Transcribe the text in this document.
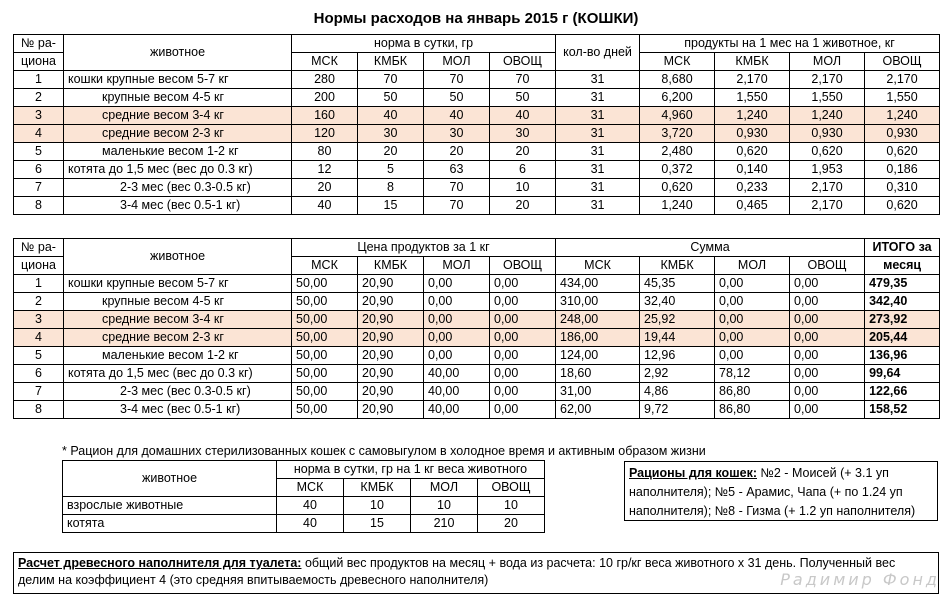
Нормы расходов на январь 2015 г (КОШКИ)
№ ра-	животное	норма в сутки, гр				кол-во дней	продукты на 1 мес на 1 животное, кг			
циона		МСК	КМБК	МОЛ	ОВОЩ		МСК	КМБК	МОЛ	ОВОЩ
1	кошки крупные весом 5-7 кг	280	70	70	70	31	8,680	2,170	2,170	2,170
2	крупные весом 4-5 кг	200	50	50	50	31	6,200	1,550	1,550	1,550
3	средние весом 3-4 кг	160	40	40	40	31	4,960	1,240	1,240	1,240
4	средние весом 2-3 кг	120	30	30	30	31	3,720	0,930	0,930	0,930
5	маленькие весом 1-2 кг	80	20	20	20	31	2,480	0,620	0,620	0,620
6	котята до 1,5 мес (вес до 0.3 кг)	12	5	63	6	31	0,372	0,140	1,953	0,186
7	2-3 мес (вес 0.3-0.5 кг)	20	8	70	10	31	0,620	0,233	2,170	0,310
8	3-4 мес (вес 0.5-1 кг)	40	15	70	20	31	1,240	0,465	2,170	0,620
№ ра-	животное	Цена продуктов за 1 кг				Сумма				ИТОГО за
циона		МСК	КМБК	МОЛ	ОВОЩ	МСК	КМБК	МОЛ	ОВОЩ	месяц
1	кошки крупные весом 5-7 кг	50,00	20,90	0,00	0,00	434,00	45,35	0,00	0,00	479,35
2	крупные весом 4-5 кг	50,00	20,90	0,00	0,00	310,00	32,40	0,00	0,00	342,40
3	средние весом 3-4 кг	50,00	20,90	0,00	0,00	248,00	25,92	0,00	0,00	273,92
4	средние весом 2-3 кг	50,00	20,90	0,00	0,00	186,00	19,44	0,00	0,00	205,44
5	маленькие весом 1-2 кг	50,00	20,90	0,00	0,00	124,00	12,96	0,00	0,00	136,96
6	котята до 1,5 мес (вес до 0.3 кг)	50,00	20,90	40,00	0,00	18,60	2,92	78,12	0,00	99,64
7	2-3 мес (вес 0.3-0.5 кг)	50,00	20,90	40,00	0,00	31,00	4,86	86,80	0,00	122,66
8	3-4 мес (вес 0.5-1 кг)	50,00	20,90	40,00	0,00	62,00	9,72	86,80	0,00	158,52
* Рацион для домашних стерилизованных кошек с самовыгулом в холодное время и активным образом жизни
животное	норма в сутки, гр на 1 кг веса животного			
	МСК	КМБК	МОЛ	ОВОЩ
взрослые животные	40	10	10	10
котята	40	15	210	20
Рационы для кошек: №2 - Моисей (+ 3.1 уп наполнителя); №5 - Арамис, Чапа (+ по 1.24 уп наполнителя); №8 - Гизма (+ 1.2 уп наполнителя)
Расчет древесного наполнителя для туалета: общий вес продуктов на месяц + вода из расчета: 10 гр/кг веса животного х 31 день. Полученный вес делим на коэффициент 4 (это средняя впитываемость древесного наполнителя)	Радимир Фонд
